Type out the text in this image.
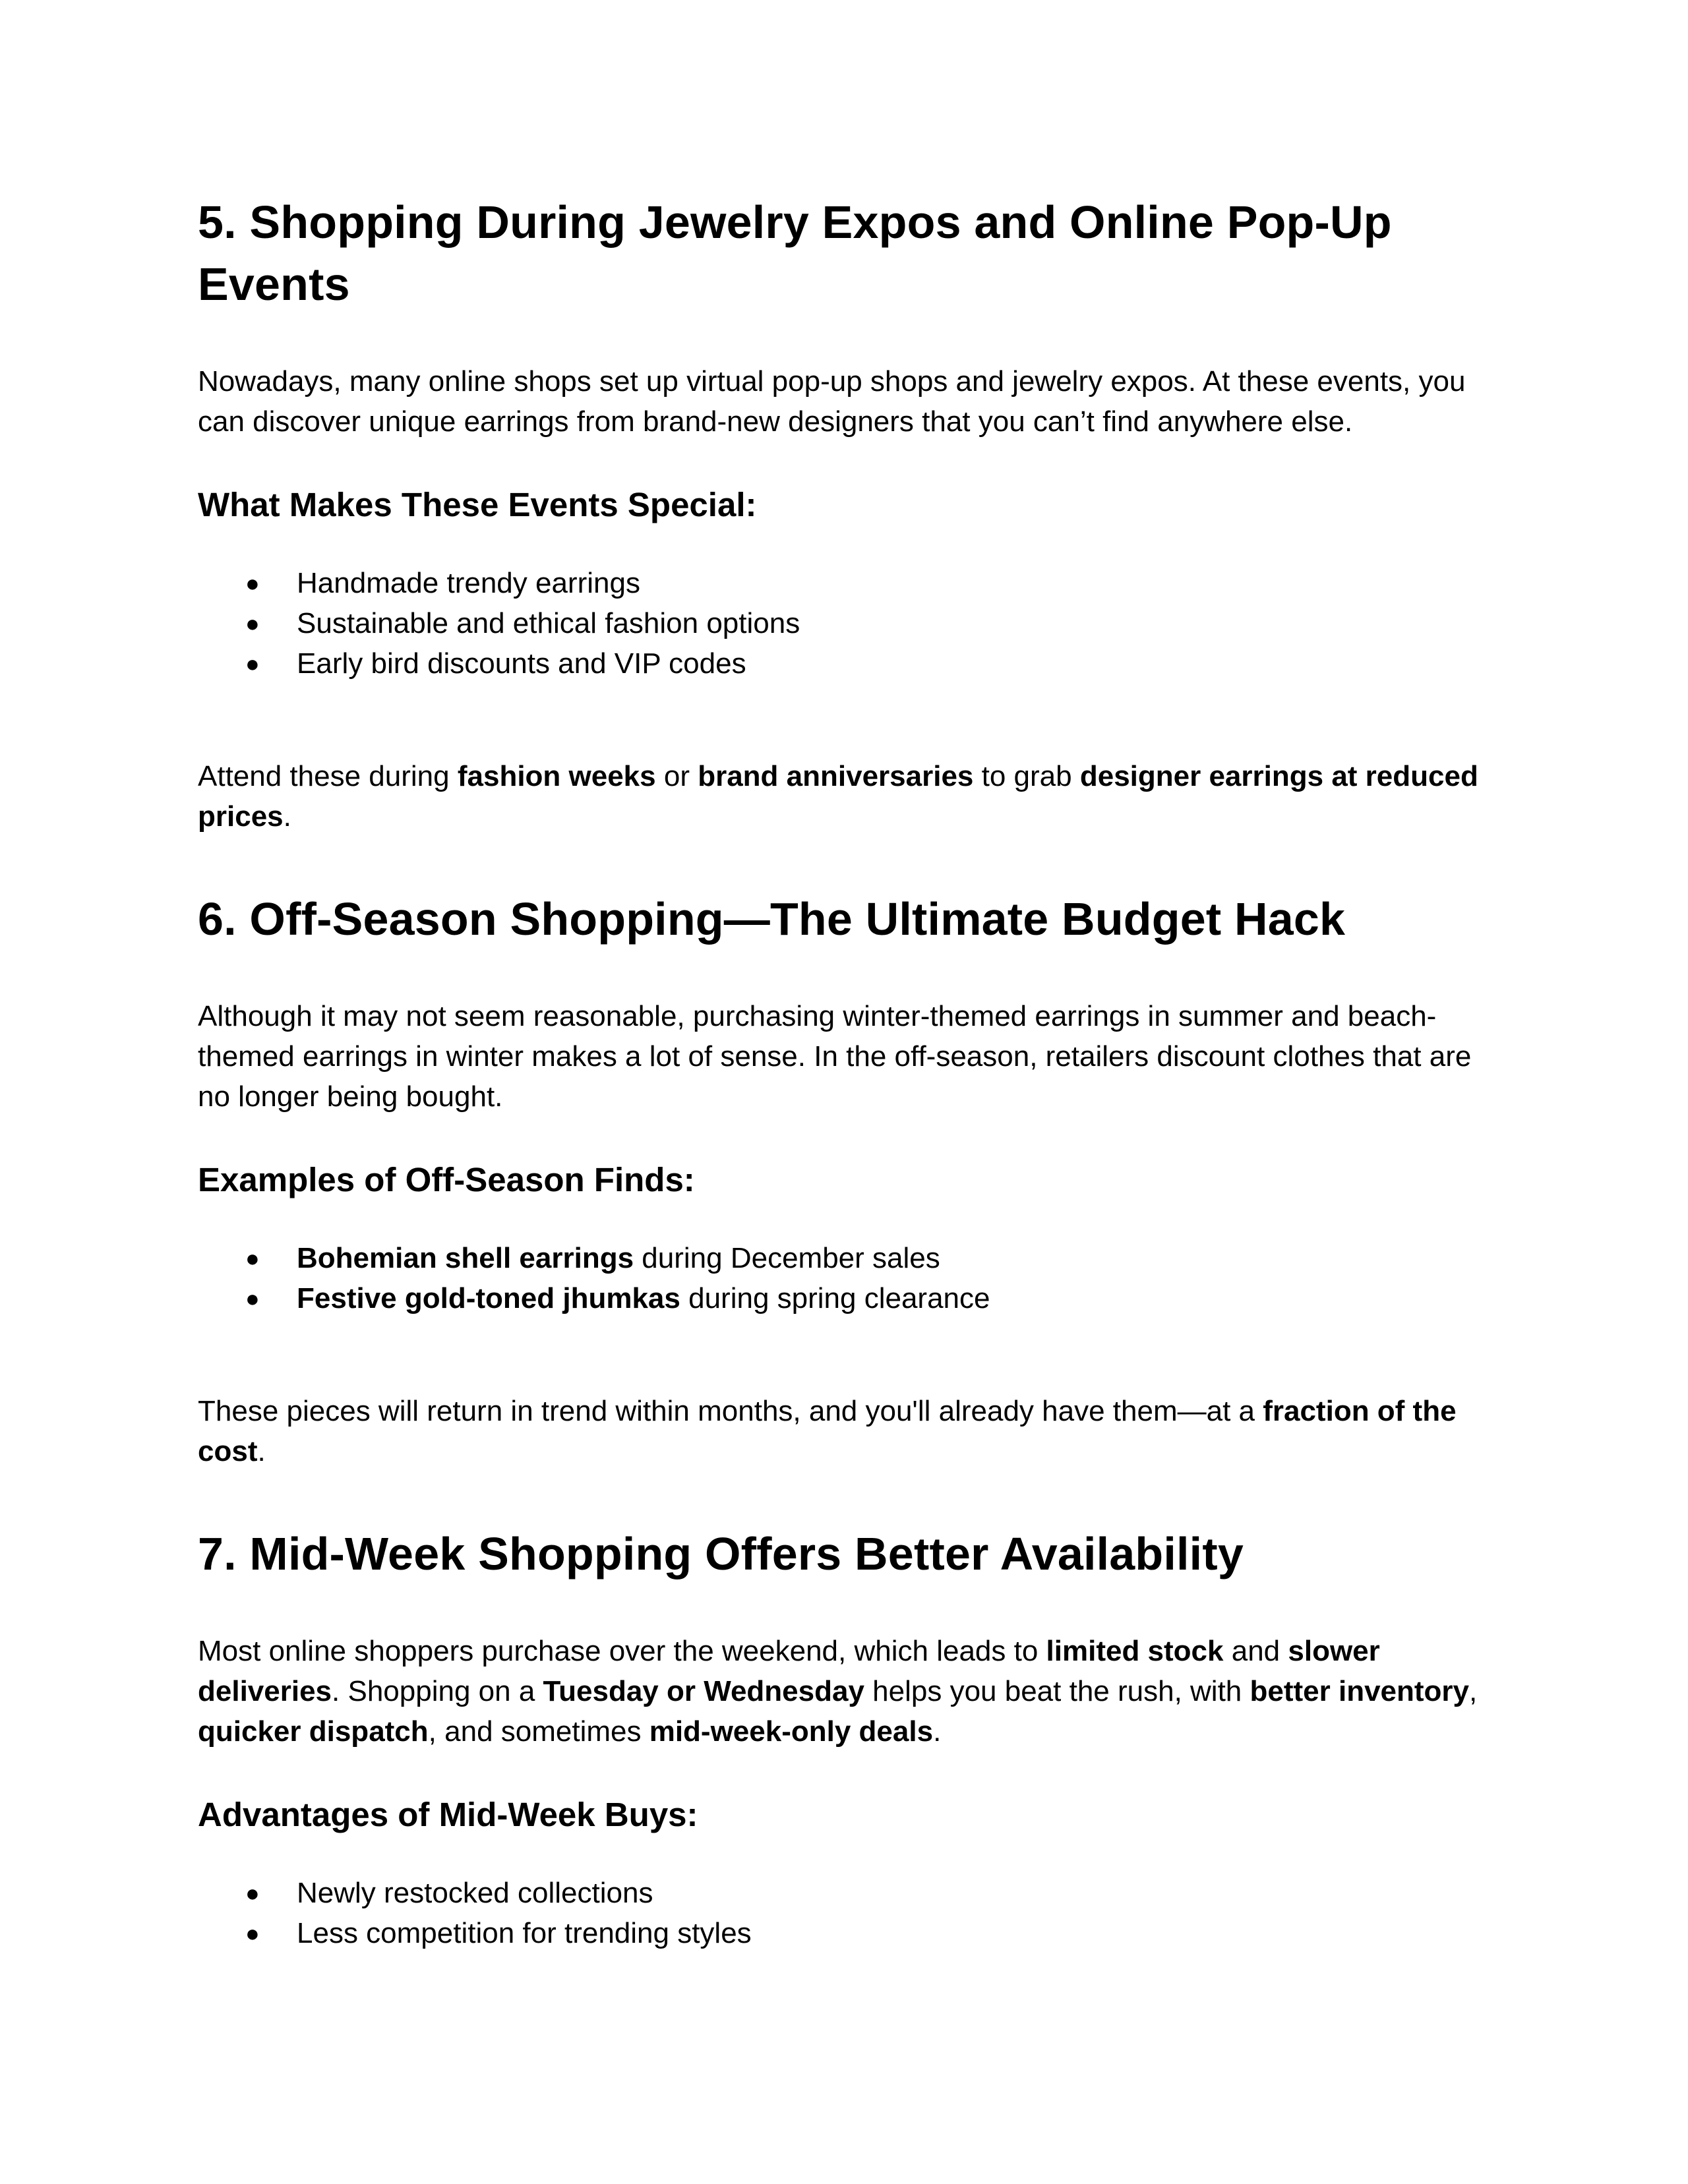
5. Shopping During Jewelry Expos and Online Pop-Up Events

Nowadays, many online shops set up virtual pop-up shops and jewelry expos. At these events, you can discover unique earrings from brand-new designers that you can’t find anywhere else.

What Makes These Events Special:
● Handmade trendy earrings
● Sustainable and ethical fashion options
● Early bird discounts and VIP codes

Attend these during fashion weeks or brand anniversaries to grab designer earrings at reduced prices.

6. Off-Season Shopping—The Ultimate Budget Hack

Although it may not seem reasonable, purchasing winter-themed earrings in summer and beach-themed earrings in winter makes a lot of sense. In the off-season, retailers discount clothes that are no longer being bought.

Examples of Off-Season Finds:
● Bohemian shell earrings during December sales
● Festive gold-toned jhumkas during spring clearance

These pieces will return in trend within months, and you'll already have them—at a fraction of the cost.

7. Mid-Week Shopping Offers Better Availability

Most online shoppers purchase over the weekend, which leads to limited stock and slower deliveries. Shopping on a Tuesday or Wednesday helps you beat the rush, with better inventory, quicker dispatch, and sometimes mid-week-only deals.

Advantages of Mid-Week Buys:
● Newly restocked collections
● Less competition for trending styles
